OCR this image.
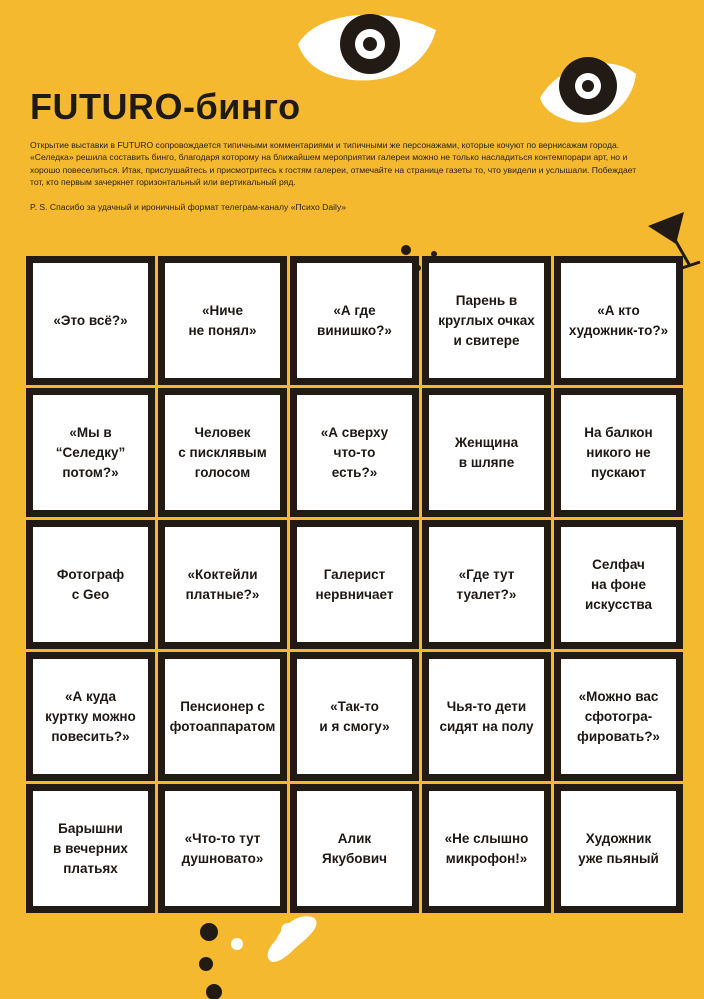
FUTURO-бинго

Открытие выставки в FUTURO сопровождается типичными комментариями и типичными же персонажами, которые кочуют по вернисажам города. «Селедка» решила составить бинго, благодаря которому на ближайшем мероприятии галереи можно не только насладиться контемпорари арт, но и хорошо повеселиться. Итак, прислушайтесь и присмотритесь к гостям галереи, отмечайте на странице газеты то, что увидели и услышали. Побеждает тот, кто первым зачеркнет горизонтальный или вертикальный ряд.

P. S. Спасибо за удачный и ироничный формат телеграм-каналу «Психо Daily»

«Это всё?»
«Ниче
не понял»
«А где
винишко?»
Парень в
круглых очках
и свитере
«А кто
художник-то?»
«Мы в
“Селедку”
потом?»
Человек
с писклявым
голосом
«А сверху
что-то
есть?»
Женщина
в шляпе
На балкон
никого не
пускают
Фотограф
с Geo
«Коктейли
платные?»
Галерист
нервничает
«Где тут
туалет?»
Селфач
на фоне
искусства
«А куда
куртку можно
повесить?»
Пенсионер с
фотоаппаратом
«Так-то
и я смогу»
Чья-то дети
сидят на полу
«Можно вас
сфотогра-
фировать?»
Барышни
в вечерних
платьях
«Что-то тут
душновато»
Алик
Якубович
«Не слышно
микрофон!»
Художник
уже пьяный
